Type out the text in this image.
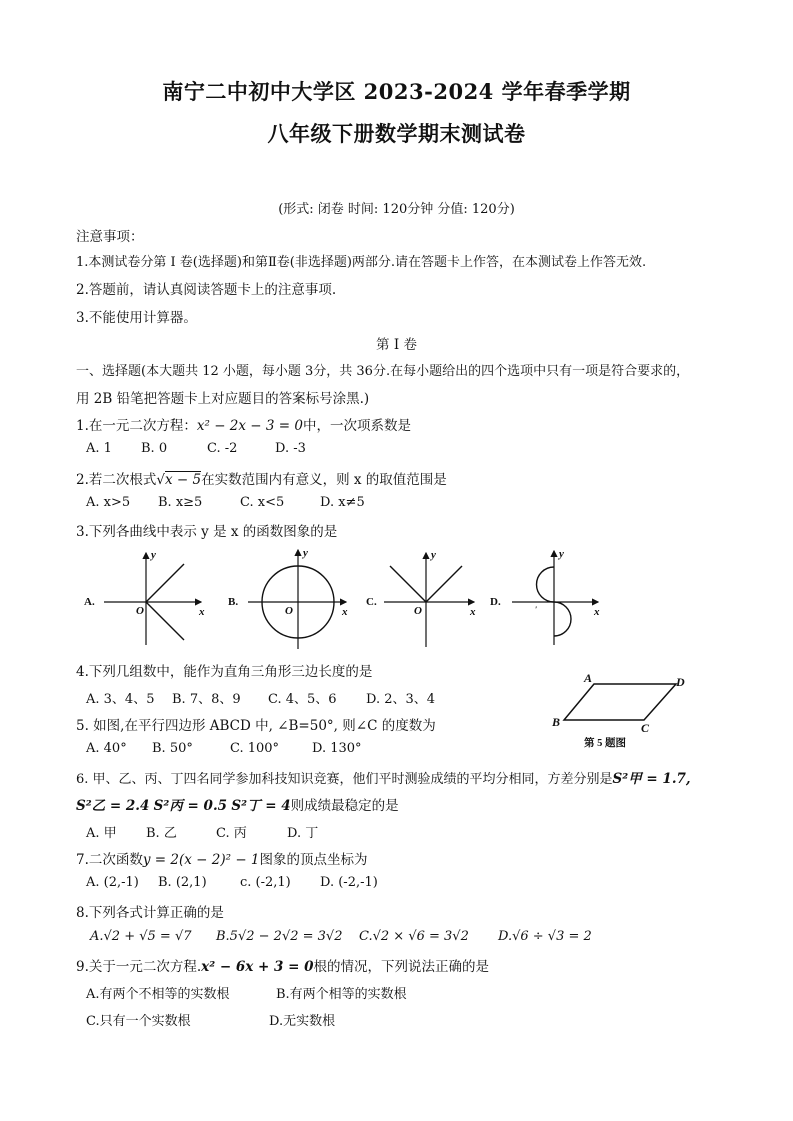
南宁二中初中大学区 2023-2024 学年春季学期
八年级下册数学期末测试卷
(形式: 闭卷 时间: 120分钟 分值: 120分)
注意事项：
1.本测试卷分第 I 卷(选择题)和第Ⅱ卷(非选择题)两部分.请在答题卡上作答，在本测试卷上作答无效.
2.答题前，请认真阅读答题卡上的注意事项.
3.不能使用计算器。
第 I 卷
一、选择题(本大题共 12 小题，每小题 3分，共 36分.在每小题给出的四个选项中只有一项是符合要求的，
用 2B 铅笔把答题卡上对应题目的答案标号涂黑.)
1.在一元二次方程：x² − 2x − 3 = 0中，一次项系数是
A. 1 B. 0	C. -2	D. -3
2.若二次根式√x − 5在实数范围内有意义，则 x 的取值范围是
A. x>5 B. x≥5	C. x<5	D. x≠5
3.下列各曲线中表示 y 是 x 的函数图象的是
A.
y
x
O
B.
y
x
O
C.
y
x
O
D.
y
x
′
4.下列几组数中，能作为直角三角形三边长度的是
A. 3、4、5 B. 7、8、9 C. 4、5、6 D. 2、3、4
5. 如图,在平行四边形 ABCD 中, ∠B=50°, 则∠C 的度数为
A. 40° B. 50°	C. 100°	D. 130°
A
B	C
D
第 5 题图
6. 甲、乙、丙、丁四名同学参加科技知识竞赛，他们平时测验成绩的平均分相同，方差分别是S²甲 = 1.7,
S²乙 = 2.4 S²丙 = 0.5 S²丁 = 4则成绩最稳定的是
A. 甲 B. 乙	C. 丙	D. 丁
7.二次函数y = 2(x − 2)² − 1图象的顶点坐标为
A. (2,-1) B. (2,1)	c. (-2,1) D. (-2,-1)
8.下列各式计算正确的是
A.√2 + √5 = √7 B.5√2 − 2√2 = 3√2 C.√2 × √6 = 3√2 D.√6 ÷ √3 = 2
9.关于一元二次方程.x² − 6x + 3 = 0根的情况，下列说法正确的是
A.有两个不相等的实数根	B.有两个相等的实数根
C.只有一个实数根	D.无实数根
